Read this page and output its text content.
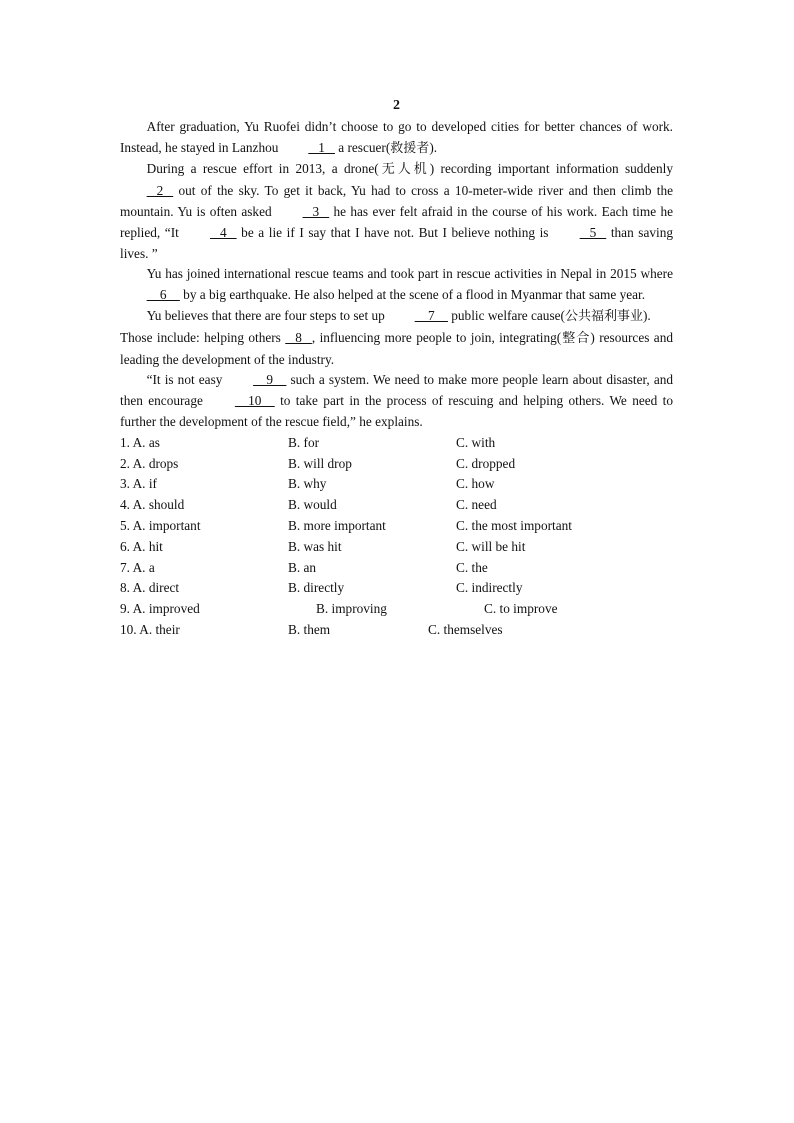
2

After graduation, Yu Ruofei didn’t choose to go to developed cities for better chances of work. Instead, he stayed in Lanzhou    1    a rescuer(救援者).

During a rescue effort in 2013, a drone(无人机) recording important information suddenly    2    out of the sky. To get it back, Yu had to cross a 10-meter-wide river and then climb the mountain. Yu is often asked    3    he has ever felt afraid in the course of his work. Each time he replied, “It    4    be a lie if I say that I have not. But I believe nothing is    5    than saving lives. ”

Yu has joined international rescue teams and took part in rescue activities in Nepal in 2015 where     6     by a big earthquake. He also helped at the scene of a flood in Myanmar that same year.

Yu believes that there are four steps to set up     7     public welfare cause(公共福利事业).

Those include: helping others    8   , influencing more people to join, integrating(整合) resources and leading the development of the industry.

“It is not easy     9     such a system. We need to make more people learn about disaster, and then encourage     10     to take part in the process of rescuing and helping others. We need to further the development of the rescue field,” he explains.

1. A. as	B. for	C. with
2. A. drops	B. will drop	C. dropped
3. A. if	B. why	C. how
4. A. should	B. would	C. need
5. A. important	B. more important	C. the most important
6. A. hit	B. was hit	C. will be hit
7. A. a	B. an	C. the
8. A. direct	B. directly	C. indirectly
9. A. improved	B. improving	C. to improve
10. A. their	B. them	C. themselves
